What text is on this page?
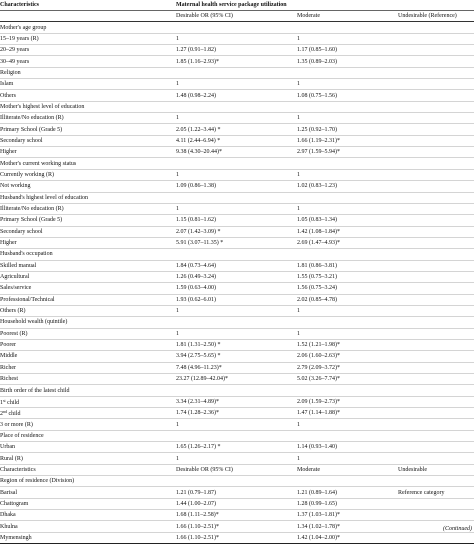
Characteristics	Maternal health service package utilization		
	Desirable OR (95% CI)	Moderate	Undesirable (Reference)
Mother's age group			
15–19 years (R)	1	1	
20–29 years	1.27 (0.91–1.82)	1.17 (0.85–1.60)	
30–49 years	1.85 (1.16–2.93)*	1.35 (0.89–2.03)	
Religion			
Islam	1	1	
Others	1.48 (0.98–2.24)	1.08 (0.75–1.56)	
Mother's highest level of education			
Illiterate/No education (R)	1	1	
Primary School (Grade 5)	2.05 (1.22–3.44) *	1.25 (0.92–1.70)	
Secondary school	4.11 (2.44–6.94) *	1.66 (1.19–2.31)*	
Higher	9.38 (4.30–20.44)*	2.97 (1.59–5.94)*	
Mother's current working status			
Currently working (R)	1	1	
Not working	1.09 (0.86–1.38)	1.02 (0.83–1.23)	
Husband's highest level of education			
Illiterate/No education (R)	1	1	
Primary School (Grade 5)	1.15 (0.81–1.62)	1.05 (0.83–1.34)	
Secondary school	2.07 (1.42–3.09) *	1.42 (1.08–1.84)*	
Higher	5.91 (3.07–11.35) *	2.69 (1.47–4.93)*	
Husband's occupation			
Skilled manual	1.84 (0.73–4.64)	1.81 (0.86–3.81)	
Agricultural	1.26 (0.49–3.24)	1.55 (0.75–3.21)	
Sales/service	1.59 (0.63–4.00)	1.56 (0.75–3.24)	
Professional/Technical	1.93 (0.62–6.01)	2.02 (0.85–4.78)	
Others (R)	1	1	
Household wealth (quintile)			
Poorest (R)	1	1	
Poorer	1.81 (1.31–2.50) *	1.52 (1.21–1.98)*	
Middle	3.94 (2.75–5.65) *	2.06 (1.60–2.63)*	
Richer	7.48 (4.96–11.23)*	2.79 (2.09–3.72)*	
Richest	23.27 (12.89–42.04)*	5.02 (3.26–7.74)*	
Birth order of the latest child			
1st child	3.34 (2.31–4.89)*	2.09 (1.59–2.73)*	
2nd child	1.74 (1.28–2.36)*	1.47 (1.14–1.88)*	
3 or more (R)	1	1	
Place of residence			
Urban	1.65 (1.26–2.17) *	1.14 (0.93–1.40)	
Rural (R)	1	1	
Characteristics	Desirable OR (95% CI)	Moderate	Undesirable
Region of residence (Division)			
Barisal	1.21 (0.79–1.87)	1.21 (0.89–1.64)	Reference category
Chattogram	1.44 (1.00–2.07)	1.28 (0.99–1.65)	
Dhaka	1.68 (1.11–2.58)*	1.37 (1.03–1.81)*	
Khulna	1.66 (1.10–2.51)*	1.34 (1.02–1.78)*	
Mymensingh	1.66 (1.10–2.51)*	1.42 (1.04–2.00)*	
(Continued)
